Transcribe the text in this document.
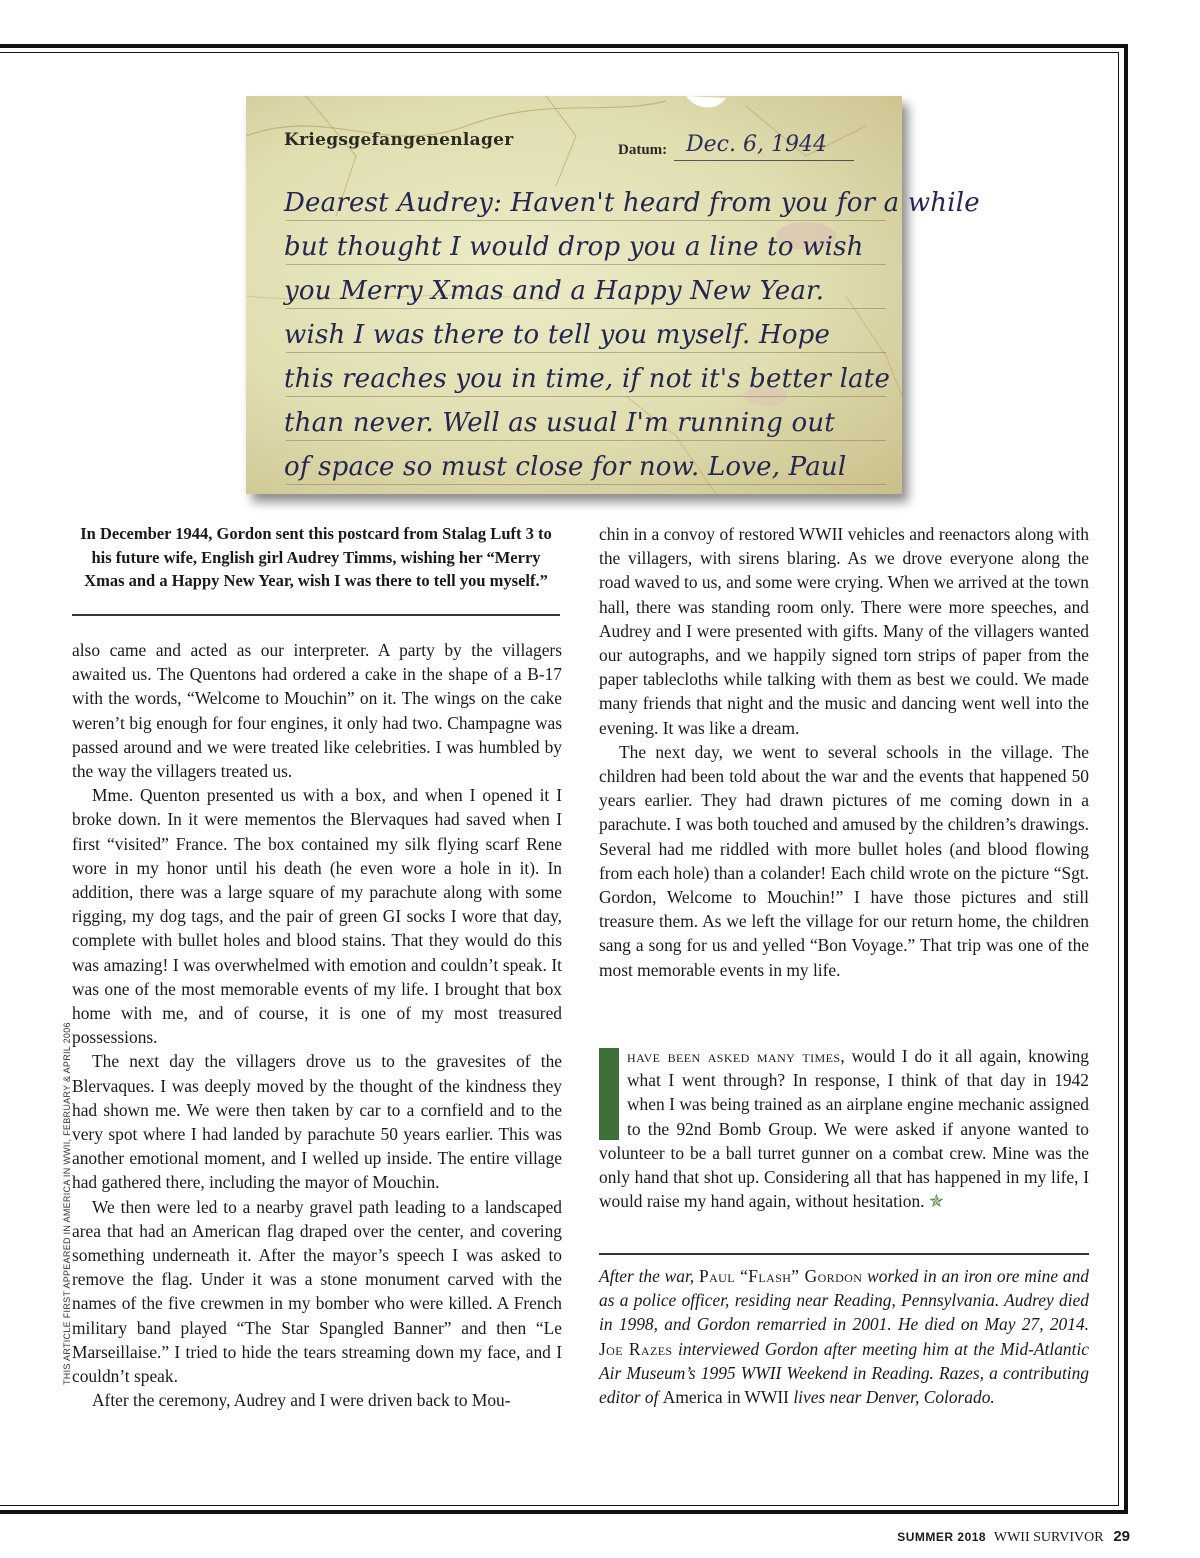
Kriegsgefangenenlager	Datum: Dec. 6, 1944
Dearest Audrey: Haven't heard from you for a while
but thought I would drop you a line to wish
you Merry Xmas and a Happy New Year.
wish I was there to tell you myself. Hope
this reaches you in time, if not it's better late
than never. Well as usual I'm running out
of space so must close for now. Love, Paul
In December 1944, Gordon sent this postcard from Stalag Luft 3 to his future wife, English girl Audrey Timms, wishing her “Merry Xmas and a Happy New Year, wish I was there to tell you myself.”

also came and acted as our interpreter. A party by the villagers awaited us. The Quentons had ordered a cake in the shape of a B-17 with the words, “Welcome to Mouchin” on it. The wings on the cake weren’t big enough for four engines, it only had two. Champagne was passed around and we were treated like celebrities. I was humbled by the way the villagers treated us.

Mme. Quenton presented us with a box, and when I opened it I broke down. In it were mementos the Blervaques had saved when I first “visited” France. The box contained my silk flying scarf Rene wore in my honor until his death (he even wore a hole in it). In addition, there was a large square of my parachute along with some rigging, my dog tags, and the pair of green GI socks I wore that day, complete with bullet holes and blood stains. That they would do this was amazing! I was overwhelmed with emotion and couldn’t speak. It was one of the most memorable events of my life. I brought that box home with me, and of course, it is one of my most treasured possessions.

The next day the villagers drove us to the gravesites of the Blervaques. I was deeply moved by the thought of the kindness they had shown me. We were then taken by car to a cornfield and to the very spot where I had landed by parachute 50 years earlier. This was another emotional moment, and I welled up inside. The entire village had gathered there, including the mayor of Mouchin.

We then were led to a nearby gravel path leading to a landscaped area that had an American flag draped over the center, and covering something underneath it. After the mayor’s speech I was asked to remove the flag. Under it was a stone monument carved with the names of the five crewmen in my bomber who were killed. A French military band played “The Star Spangled Banner” and then “Le Marseillaise.” I tried to hide the tears streaming down my face, and I couldn’t speak.

After the ceremony, Audrey and I were driven back to Mou-

chin in a convoy of restored WWII vehicles and reenactors along with the villagers, with sirens blaring. As we drove everyone along the road waved to us, and some were crying. When we arrived at the town hall, there was standing room only. There were more speeches, and Audrey and I were presented with gifts. Many of the villagers wanted our autographs, and we happily signed torn strips of paper from the paper tablecloths while talking with them as best we could. We made many friends that night and the music and dancing went well into the evening. It was like a dream.

The next day, we went to several schools in the village. The children had been told about the war and the events that happened 50 years earlier. They had drawn pictures of me coming down in a parachute. I was both touched and amused by the children’s drawings. Several had me riddled with more bullet holes (and blood flowing from each hole) than a colander! Each child wrote on the picture “Sgt. Gordon, Welcome to Mouchin!” I have those pictures and still treasure them. As we left the village for our return home, the children sang a song for us and yelled “Bon Voyage.” That trip was one of the most memorable events in my life.

have been asked many times, would I do it all again, knowing what I went through? In response, I think of that day in 1942 when I was being trained as an airplane engine mechanic assigned to the 92nd Bomb Group. We were asked if anyone wanted to volunteer to be a ball turret gunner on a combat crew. Mine was the only hand that shot up. Considering all that has happened in my life, I would raise my hand again, without hesitation. ✯

After the war, Paul “Flash” Gordon worked in an iron ore mine and as a police officer, residing near Reading, Pennsylvania. Audrey died in 1998, and Gordon remarried in 2001. He died on May 27, 2014. Joe Razes interviewed Gordon after meeting him at the Mid-Atlantic Air Museum’s 1995 WWII Weekend in Reading. Razes, a contributing editor of America in WWII lives near Denver, Colorado.
THIS ARTICLE FIRST APPEARED IN AMERICA IN WWII, FEBRUARY & APRIL 2006
SUMMER 2018 WWII SURVIVOR 29
